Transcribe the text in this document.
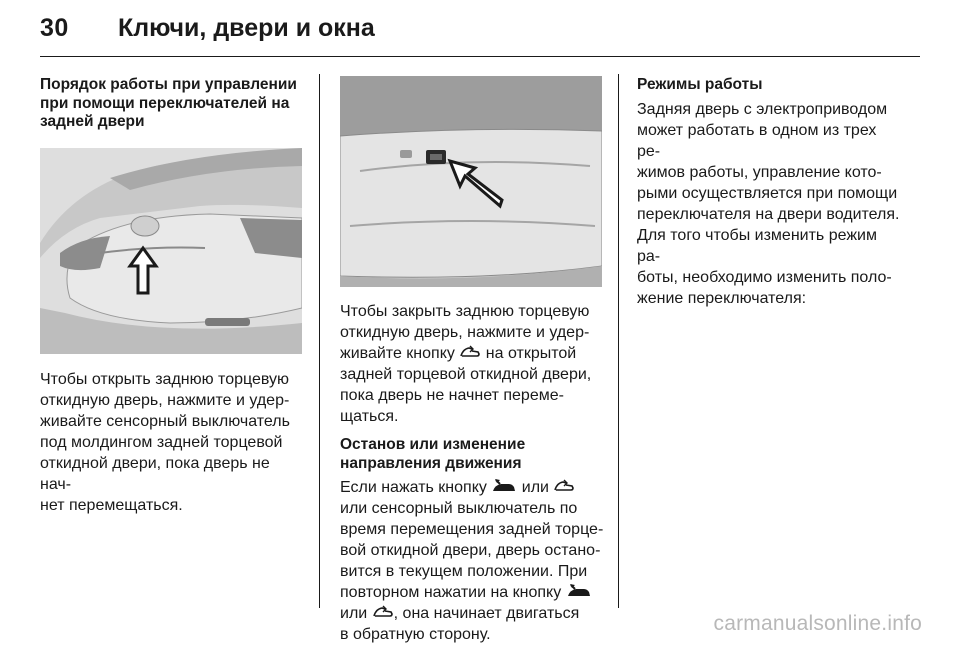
30 Ключи, двери и окна

Порядок работы при управлении
при помощи переключателей на
задней двери

Чтобы открыть заднюю торцевую
откидную дверь, нажмите и удер-
живайте сенсорный выключатель
под молдингом задней торцевой
откидной двери, пока дверь не нач-
нет перемещаться.

Чтобы закрыть заднюю торцевую
откидную дверь, нажмите и удер-
живайте кнопку  на открытой
задней торцевой откидной двери,
пока дверь не начнет переме-
щаться.

Останов или изменение
направления движения

Если нажать кнопку  или
или сенсорный выключатель по
время перемещения задней торце-
вой откидной двери, дверь остано-
вится в текущем положении. При
повторном нажатии на кнопку
или , она начинает двигаться
в обратную сторону.

Режимы работы

Задняя дверь с электроприводом
может работать в одном из трех ре-
жимов работы, управление кото-
рыми осуществляется при помощи
переключателя на двери водителя.
Для того чтобы изменить режим ра-
боты, необходимо изменить поло-
жение переключателя:

carmanualsonline.info
